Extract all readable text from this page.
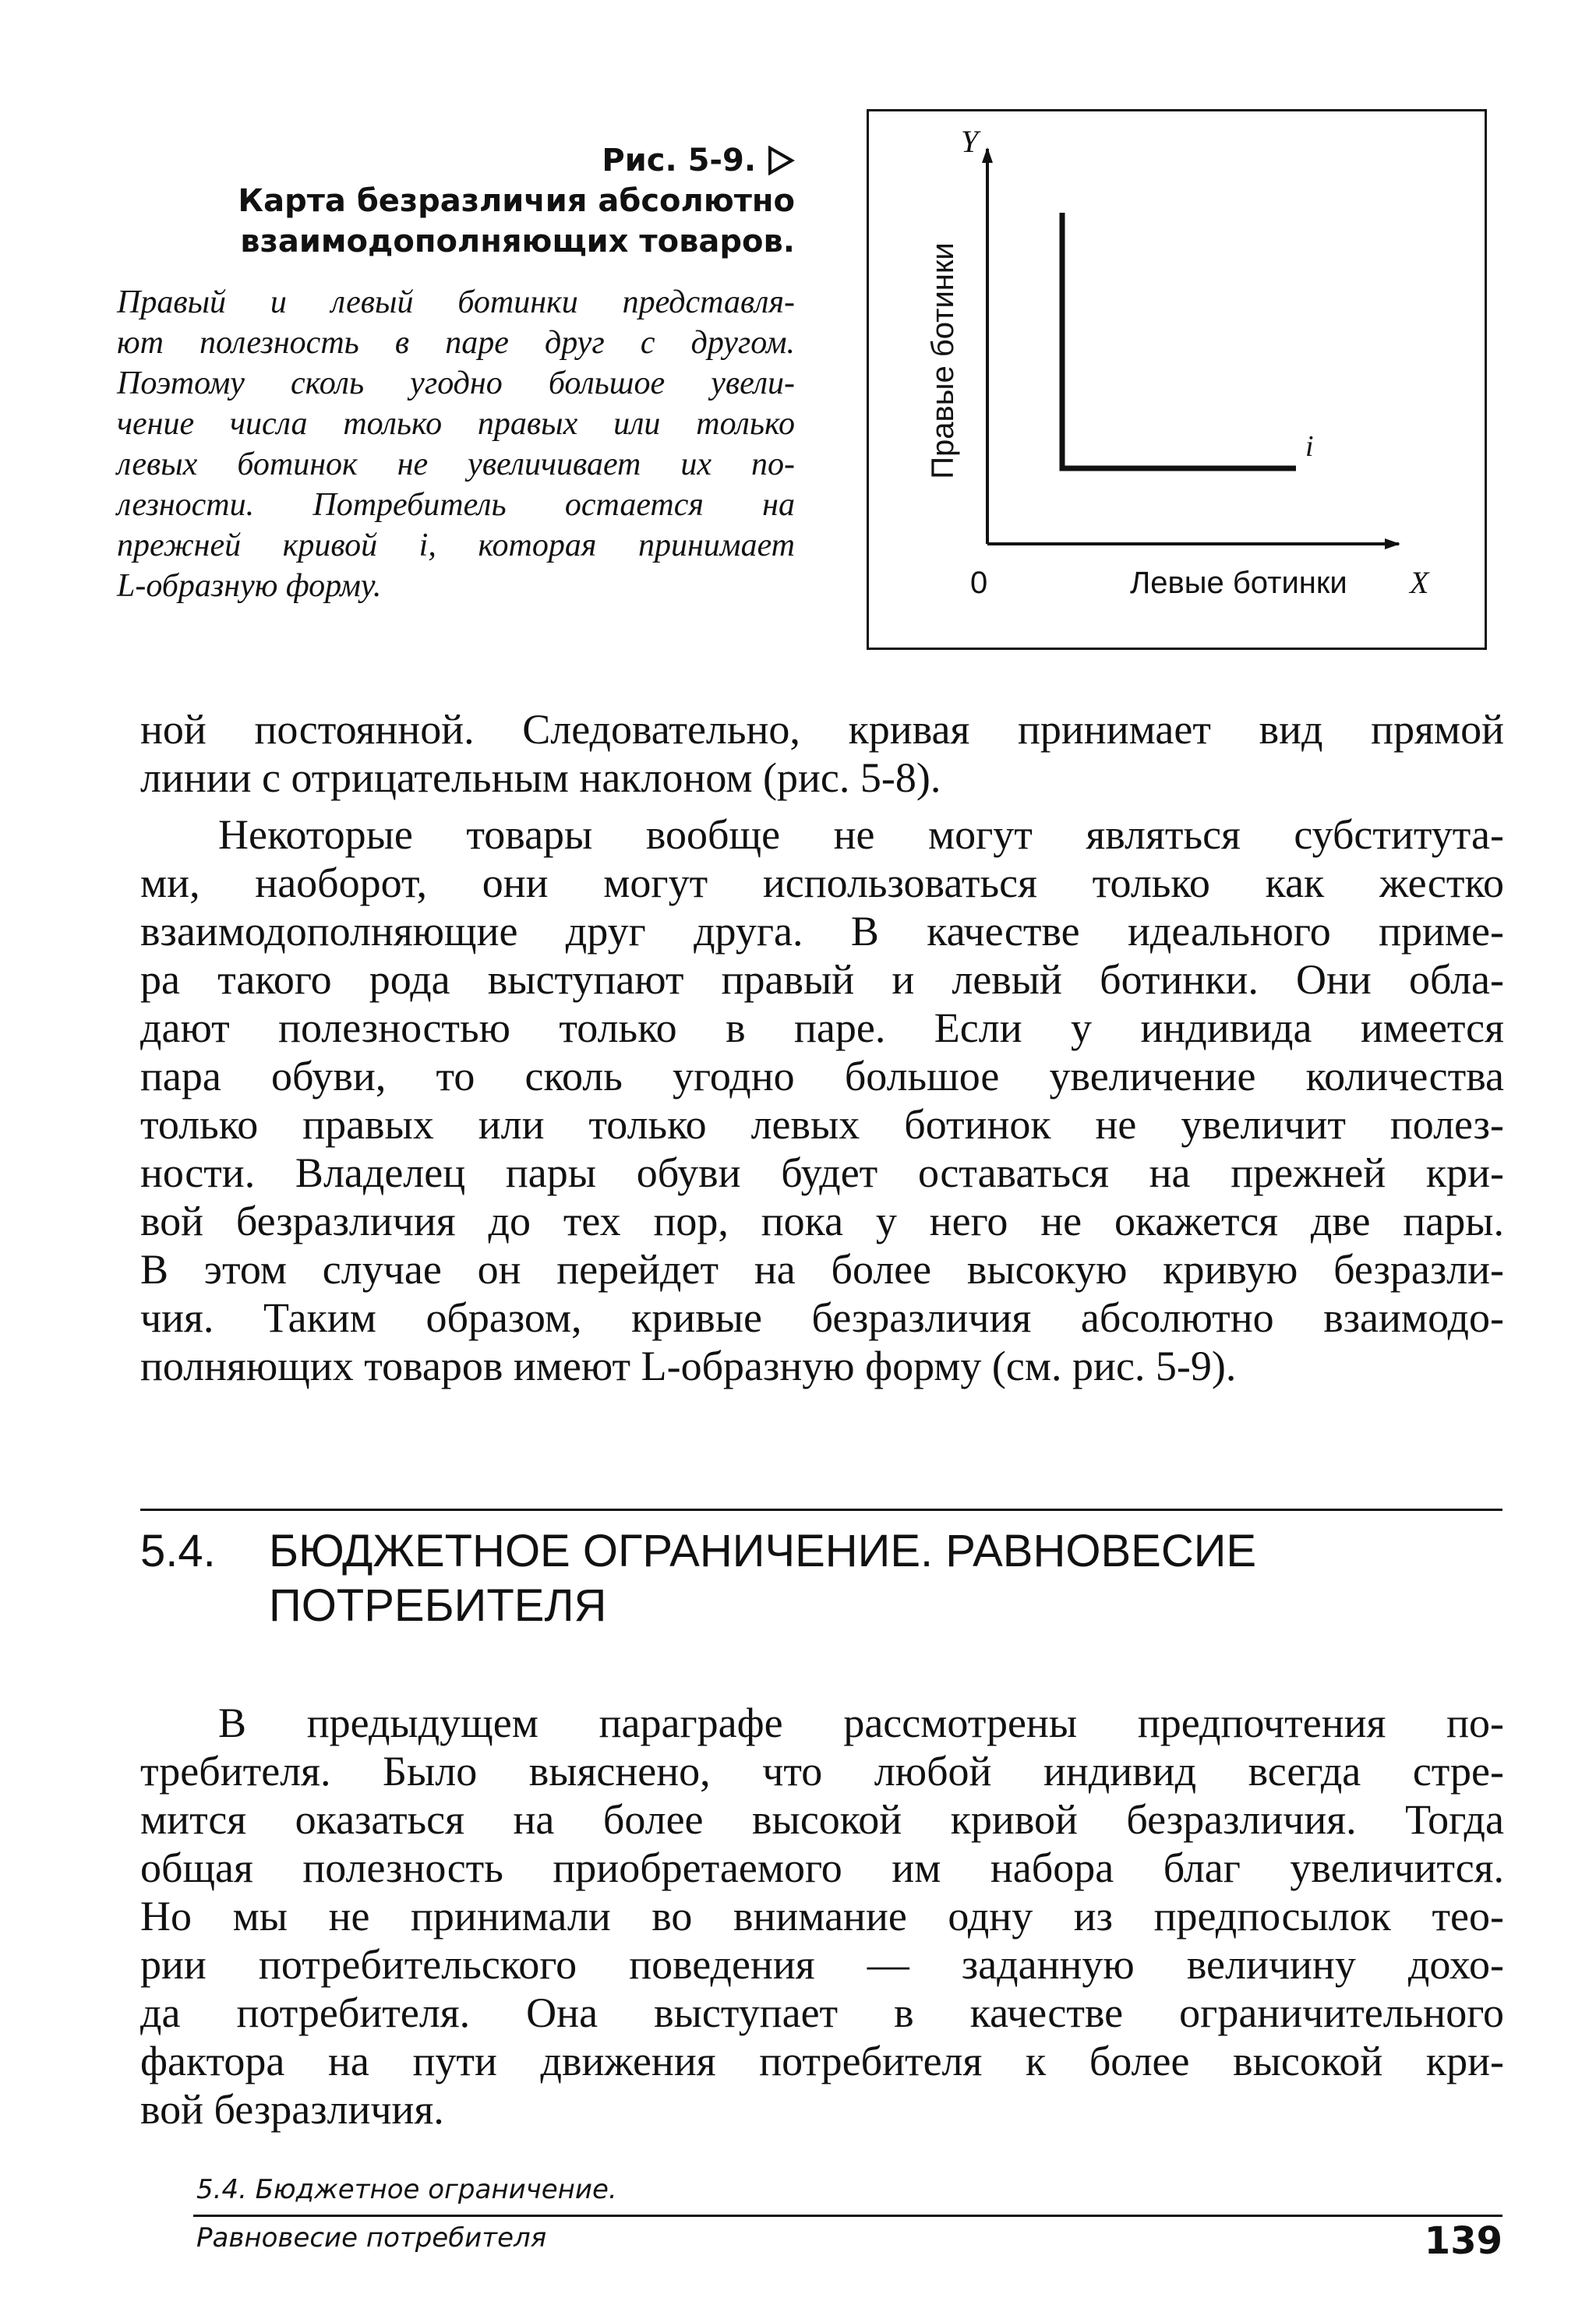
Рис. 5-9.
Карта безразличия абсолютно
взаимодополняющих товаров.
Правый и левый ботинки представля-
ют полезность в паре друг с другом.
Поэтому сколь угодно большое увели-
чение числа только правых или только
левых ботинок не увеличивает их по-
лезности. Потребитель остается на
прежней кривой i, которая принимает
L-образную форму.
Y
Правые ботинки	i
0	Левые ботинки X
ной постоянной. Следовательно, кривая принимает вид прямой
линии с отрицательным наклоном (рис. 5-8).
Некоторые товары вообще не могут являться субститута-
ми, наоборот, они могут использоваться только как жестко
взаимодополняющие друг друга. В качестве идеального приме-
ра такого рода выступают правый и левый ботинки. Они обла-
дают полезностью только в паре. Если у индивида имеется
пара обуви, то сколь угодно большое увеличение количества
только правых или только левых ботинок не увеличит полез-
ности. Владелец пары обуви будет оставаться на прежней кри-
вой безразличия до тех пор, пока у него не окажется две пары.
В этом случае он перейдет на более высокую кривую безразли-
чия. Таким образом, кривые безразличия абсолютно взаимодо-
полняющих товаров имеют L-образную форму (см. рис. 5-9).
5.4. БЮДЖЕТНОЕ ОГРАНИЧЕНИЕ. РАВНОВЕСИЕ
ПОТРЕБИТЕЛЯ
В предыдущем параграфе рассмотрены предпочтения по-
требителя. Было выяснено, что любой индивид всегда стре-
мится оказаться на более высокой кривой безразличия. Тогда
общая полезность приобретаемого им набора благ увеличится.
Но мы не принимали во внимание одну из предпосылок тео-
рии потребительского поведения — заданную величину дохо-
да потребителя. Она выступает в качестве ограничительного
фактора на пути движения потребителя к более высокой кри-
вой безразличия.
5.4. Бюджетное ограничение.
Равновесие потребителя	139
